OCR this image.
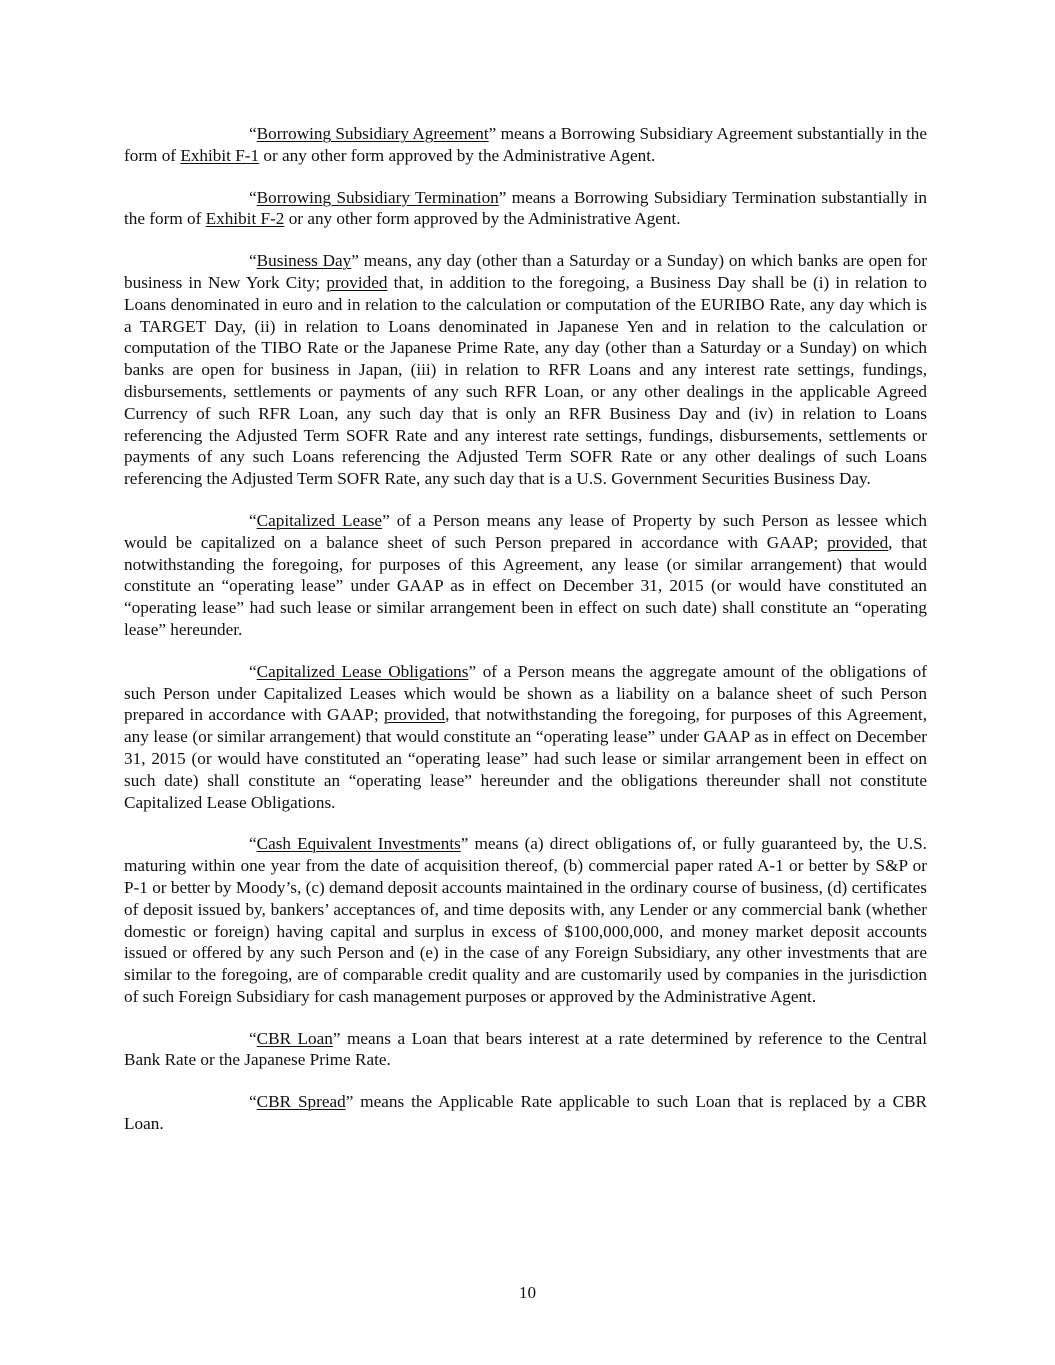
“Borrowing Subsidiary Agreement” means a Borrowing Subsidiary Agreement substantially in the form of Exhibit F-1 or any other form approved by the Administrative Agent.

“Borrowing Subsidiary Termination” means a Borrowing Subsidiary Termination substantially in the form of Exhibit F-2 or any other form approved by the Administrative Agent.

“Business Day” means, any day (other than a Saturday or a Sunday) on which banks are open for business in New York City; provided that, in addition to the foregoing, a Business Day shall be (i) in relation to Loans denominated in euro and in relation to the calculation or computation of the EURIBO Rate, any day which is a TARGET Day, (ii) in relation to Loans denominated in Japanese Yen and in relation to the calculation or computation of the TIBO Rate or the Japanese Prime Rate, any day (other than a Saturday or a Sunday) on which banks are open for business in Japan, (iii) in relation to RFR Loans and any interest rate settings, fundings, disbursements, settlements or payments of any such RFR Loan, or any other dealings in the applicable Agreed Currency of such RFR Loan, any such day that is only an RFR Business Day and (iv) in relation to Loans referencing the Adjusted Term SOFR Rate and any interest rate settings, fundings, disbursements, settlements or payments of any such Loans referencing the Adjusted Term SOFR Rate or any other dealings of such Loans referencing the Adjusted Term SOFR Rate, any such day that is a U.S. Government Securities Business Day.

“Capitalized Lease” of a Person means any lease of Property by such Person as lessee which would be capitalized on a balance sheet of such Person prepared in accordance with GAAP; provided, that notwithstanding the foregoing, for purposes of this Agreement, any lease (or similar arrangement) that would constitute an “operating lease” under GAAP as in effect on December 31, 2015 (or would have constituted an “operating lease” had such lease or similar arrangement been in effect on such date) shall constitute an “operating lease” hereunder.

“Capitalized Lease Obligations” of a Person means the aggregate amount of the obligations of such Person under Capitalized Leases which would be shown as a liability on a balance sheet of such Person prepared in accordance with GAAP; provided, that notwithstanding the foregoing, for purposes of this Agreement, any lease (or similar arrangement) that would constitute an “operating lease” under GAAP as in effect on December 31, 2015 (or would have constituted an “operating lease” had such lease or similar arrangement been in effect on such date) shall constitute an “operating lease” hereunder and the obligations thereunder shall not constitute Capitalized Lease Obligations.

“Cash Equivalent Investments” means (a) direct obligations of, or fully guaranteed by, the U.S. maturing within one year from the date of acquisition thereof, (b) commercial paper rated A-1 or better by S&P or P-1 or better by Moody’s, (c) demand deposit accounts maintained in the ordinary course of business, (d) certificates of deposit issued by, bankers’ acceptances of, and time deposits with, any Lender or any commercial bank (whether domestic or foreign) having capital and surplus in excess of $100,000,000, and money market deposit accounts issued or offered by any such Person and (e) in the case of any Foreign Subsidiary, any other investments that are similar to the foregoing, are of comparable credit quality and are customarily used by companies in the jurisdiction of such Foreign Subsidiary for cash management purposes or approved by the Administrative Agent.

“CBR Loan” means a Loan that bears interest at a rate determined by reference to the Central Bank Rate or the Japanese Prime Rate.

“CBR Spread” means the Applicable Rate applicable to such Loan that is replaced by a CBR Loan.

10
